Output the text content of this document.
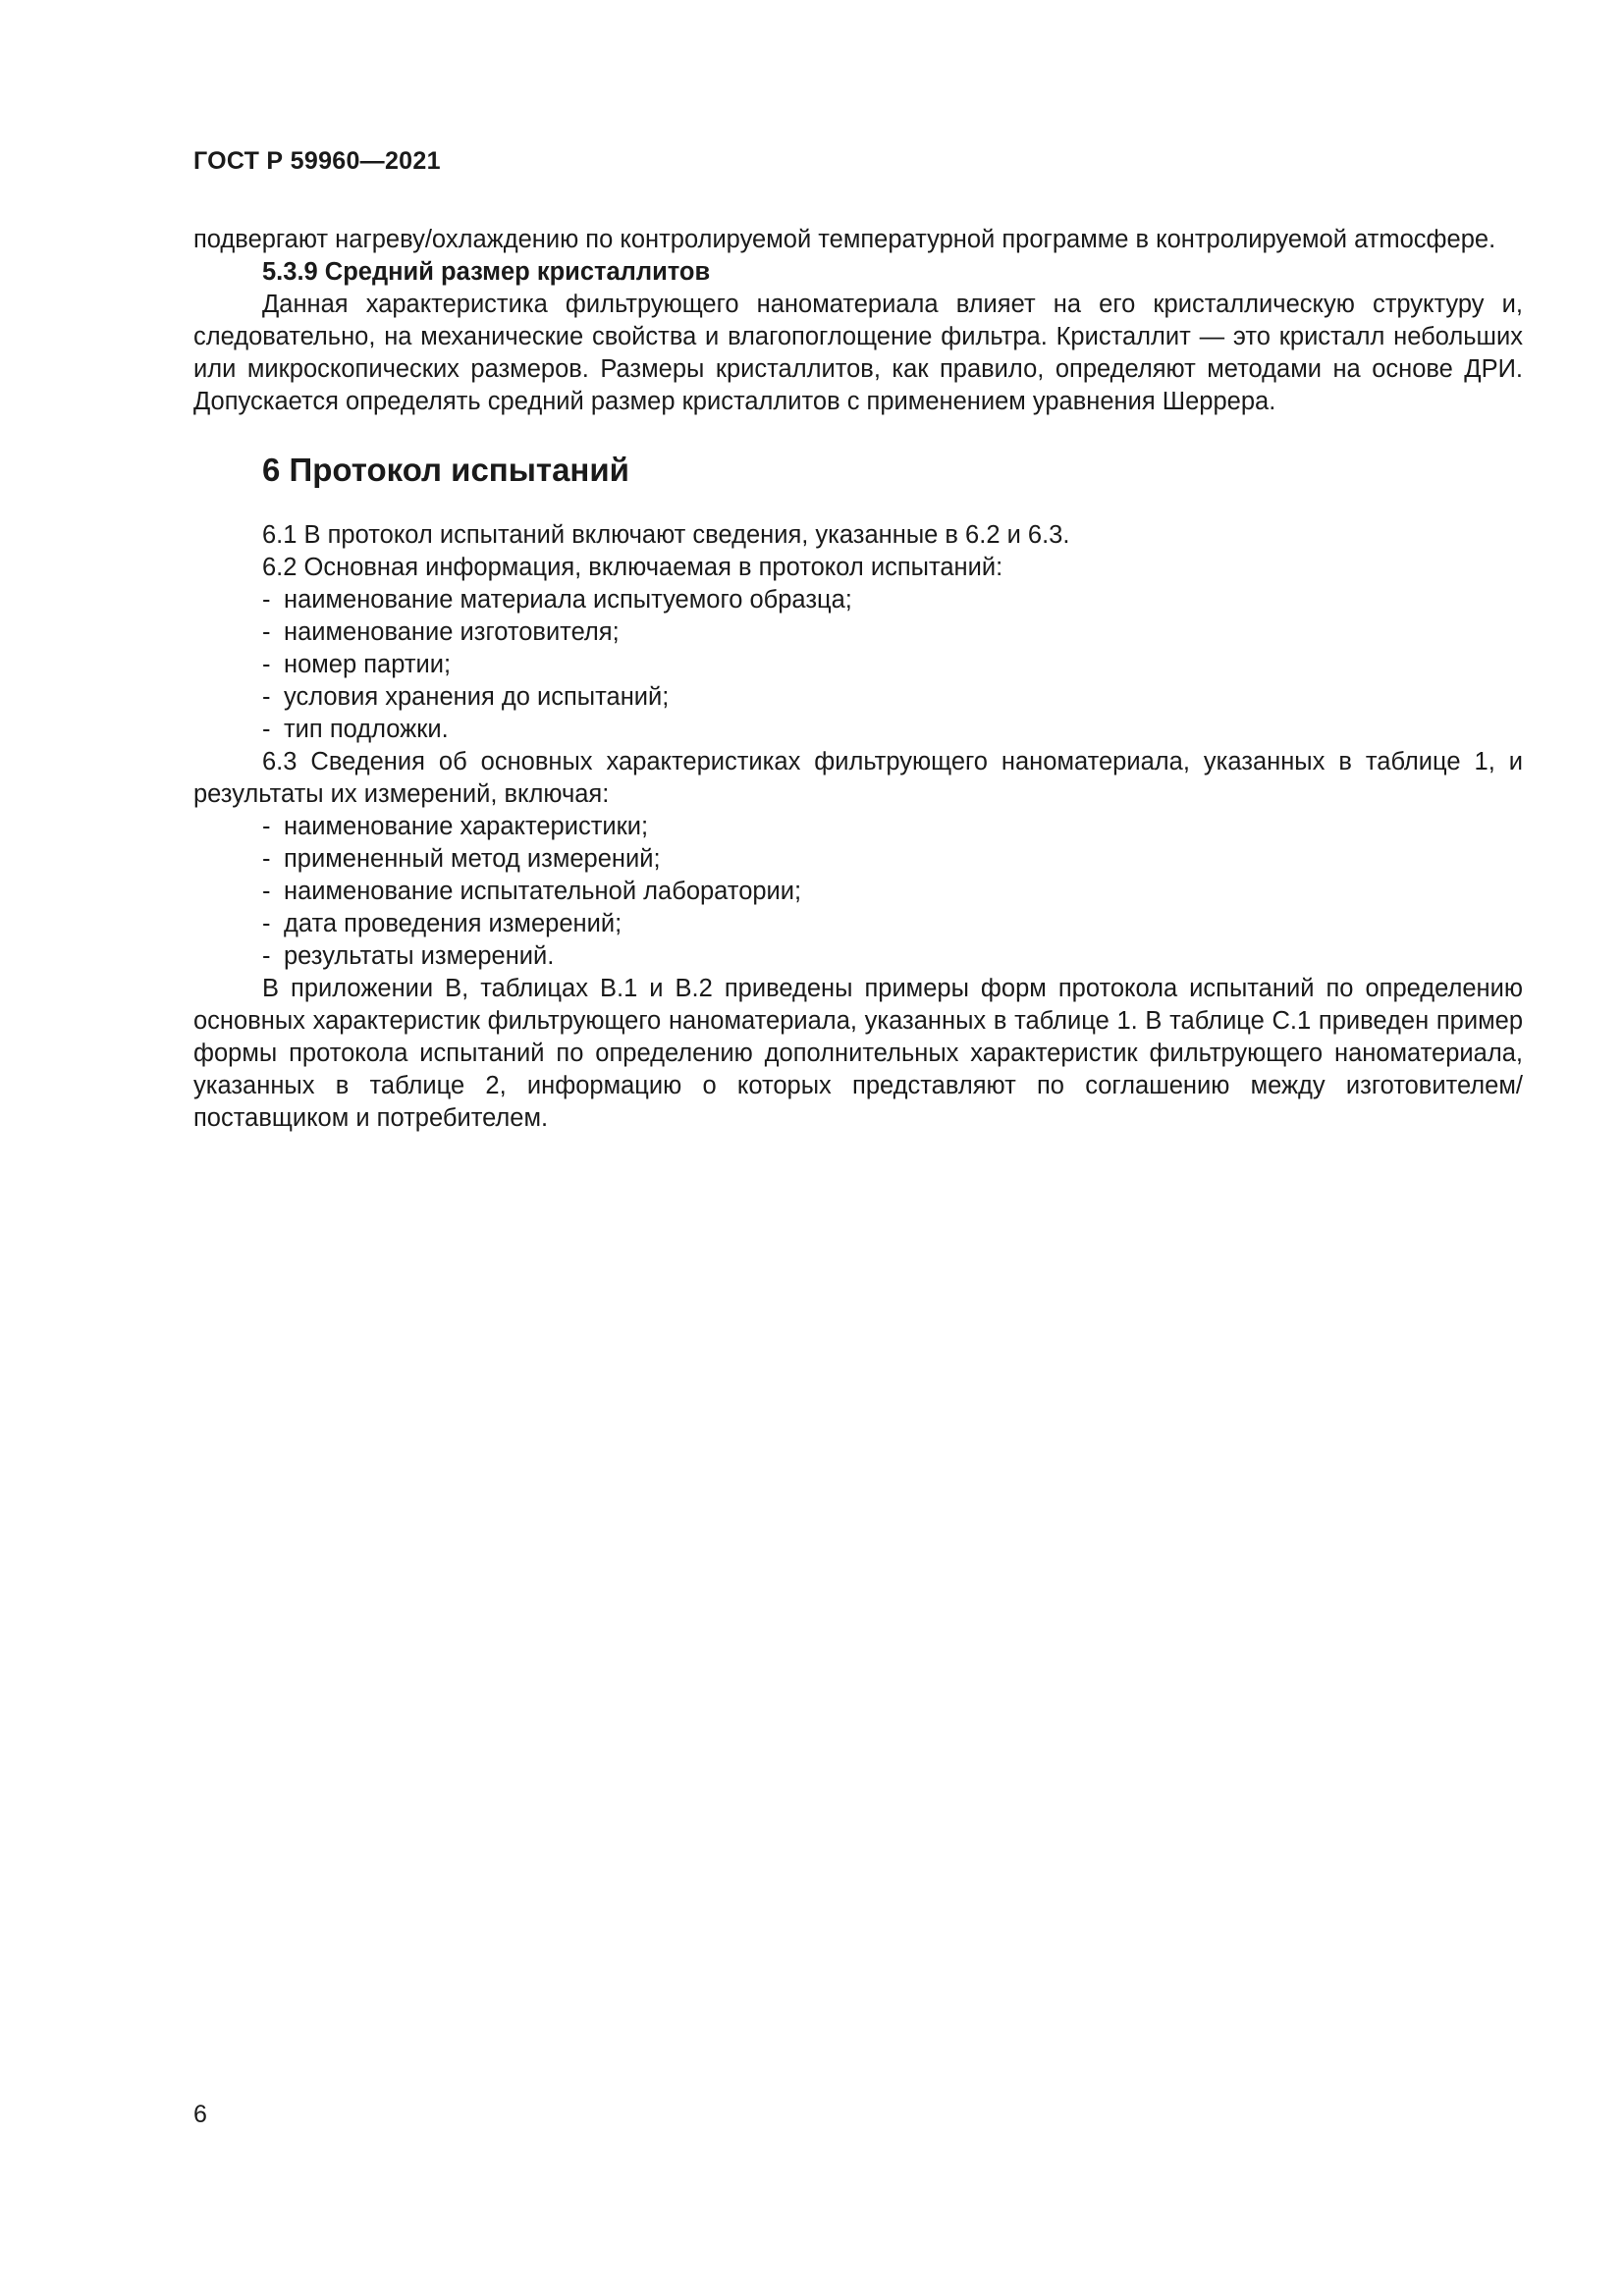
ГОСТ Р 59960—2021

подвергают нагреву/охлаждению по контролируемой температурной программе в контролируемой атmосфере.

5.3.9 Средний размер кристаллитов

Данная характеристика фильтрующего наноматериала влияет на его кристаллическую структуру и, следовательно, на механические свойства и влагопоглощение фильтра. Кристаллит — это кристалл небольших или микроскопических размеров. Размеры кристаллитов, как правило, определяют методами на основе ДРИ. Допускается определять средний размер кристаллитов с применением уравнения Шеррера.

6 Протокол испытаний

6.1 В протокол испытаний включают сведения, указанные в 6.2 и 6.3.

6.2 Основная информация, включаемая в протокол испытаний:

- наименование материала испытуемого образца;
- наименование изготовителя;
- номер партии;
- условия хранения до испытаний;
- тип подложки.

6.3 Сведения об основных характеристиках фильтрующего наноматериала, указанных в таблице 1, и результаты их измерений, включая:

- наименование характеристики;
- примененный метод измерений;
- наименование испытательной лаборатории;
- дата проведения измерений;
- результаты измерений.

В приложении В, таблицах В.1 и В.2 приведены примеры форм протокола испытаний по определению основных характеристик фильтрующего наноматериала, указанных в таблице 1. В таблице С.1 приведен пример формы протокола испытаний по определению дополнительных характеристик фильтрующего наноматериала, указанных в таблице 2, информацию о которых представляют по соглашению между изготовителем/поставщиком и потребителем.

6
